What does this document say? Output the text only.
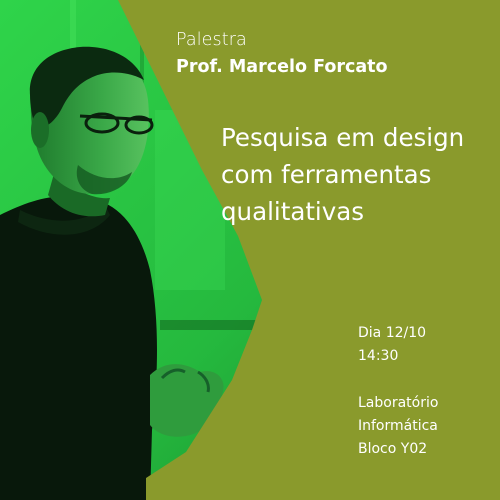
Palestra

Prof. Marcelo Forcato

Pesquisa em design
com ferramentas
qualitativas
Dia 12/10
14:30
Laboratório
Informática
Bloco Y02
